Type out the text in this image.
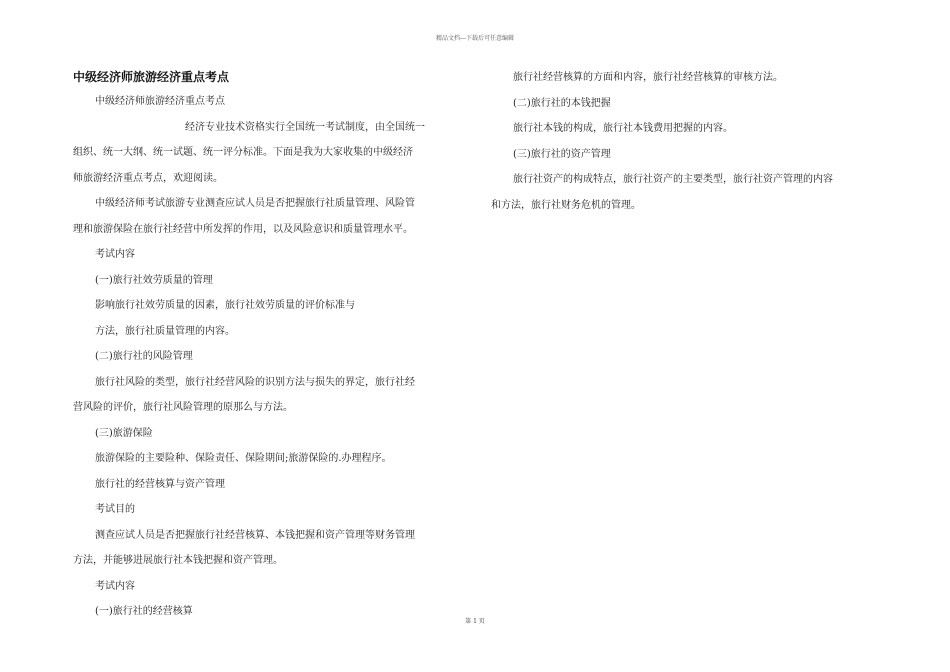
精品文档---下载后可任意编辑
中级经济师旅游经济重点考点

中级经济师旅游经济重点考点

经济专业技术资格实行全国统一考试制度，由全国统一

组织、统一大纲、统一试题、统一评分标准。下面是我为大家收集的中级经济

师旅游经济重点考点，欢迎阅读。

中级经济师考试旅游专业测查应试人员是否把握旅行社质量管理、风险管

理和旅游保险在旅行社经营中所发挥的作用，以及风险意识和质量管理水平。

考试内容

(一)旅行社效劳质量的管理

影响旅行社效劳质量的因素，旅行社效劳质量的评价标准与

方法，旅行社质量管理的内容。

(二)旅行社的风险管理

旅行社风险的类型，旅行社经营风险的识别方法与损失的界定，旅行社经

营风险的评价，旅行社风险管理的原那么与方法。

(三)旅游保险

旅游保险的主要险种、保险责任、保险期间;旅游保险的.办理程序。

旅行社的经营核算与资产管理

考试目的

测查应试人员是否把握旅行社经营核算、本钱把握和资产管理等财务管理

方法，并能够进展旅行社本钱把握和资产管理。

考试内容

(一)旅行社的经营核算

旅行社经营核算的方面和内容，旅行社经营核算的审核方法。

(二)旅行社的本钱把握

旅行社本钱的构成，旅行社本钱费用把握的内容。

(三)旅行社的资产管理

旅行社资产的构成特点，旅行社资产的主要类型，旅行社资产管理的内容

和方法，旅行社财务危机的管理。

第 1 页
